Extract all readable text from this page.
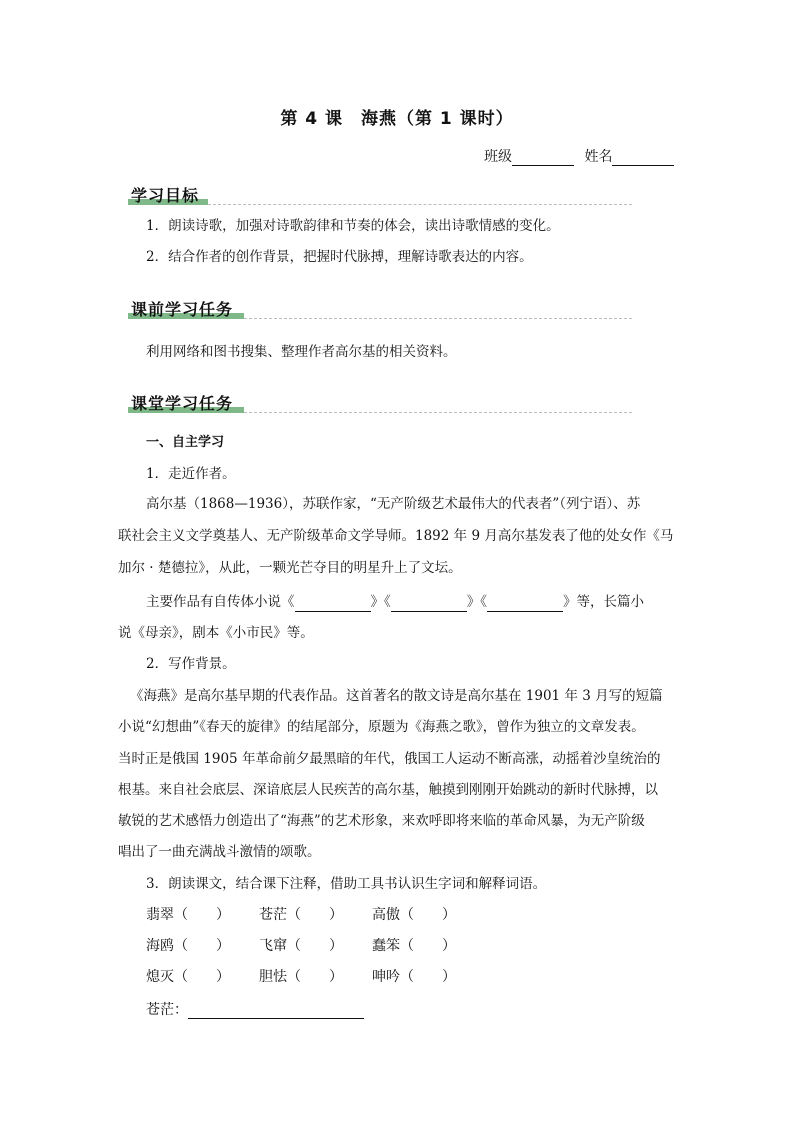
第 4 课　海燕（第 1 课时）
班级	姓名
学习目标
1．朗读诗歌，加强对诗歌韵律和节奏的体会，读出诗歌情感的变化。
2．结合作者的创作背景，把握时代脉搏，理解诗歌表达的内容。
课前学习任务
利用网络和图书搜集、整理作者高尔基的相关资料。
课堂学习任务
一、自主学习
1．走近作者。
高尔基（1868—1936），苏联作家，“无产阶级艺术最伟大的代表者”（列宁语）、苏
联社会主义文学奠基人、无产阶级革命文学导师。1892 年 9 月高尔基发表了他的处女作《马
加尔 · 楚德拉》，从此，一颗光芒夺目的明星升上了文坛。
主要作品有自传体小说《	》《	》《	》等，长篇小
说《母亲》，剧本《小市民》等。
2．写作背景。
《海燕》是高尔基早期的代表作品。这首著名的散文诗是高尔基在 1901 年 3 月写的短篇
小说“幻想曲”《春天的旋律》的结尾部分，原题为《海燕之歌》，曾作为独立的文章发表。
当时正是俄国 1905 年革命前夕最黑暗的年代，俄国工人运动不断高涨，动摇着沙皇统治的
根基。来自社会底层、深谙底层人民疾苦的高尔基，触摸到刚刚开始跳动的新时代脉搏，以
敏锐的艺术感悟力创造出了“海燕”的艺术形象，来欢呼即将来临的革命风暴，为无产阶级
唱出了一曲充满战斗激情的颂歌。
3．朗读课文，结合课下注释，借助工具书认识生字词和解释词语。
翡翠（　　） 苍茫（　　） 高傲（　　）
海鸥（　　） 飞窜（　　） 蠢笨（　　）
熄灭（　　） 胆怯（　　） 呻吟（　　）
苍茫：
